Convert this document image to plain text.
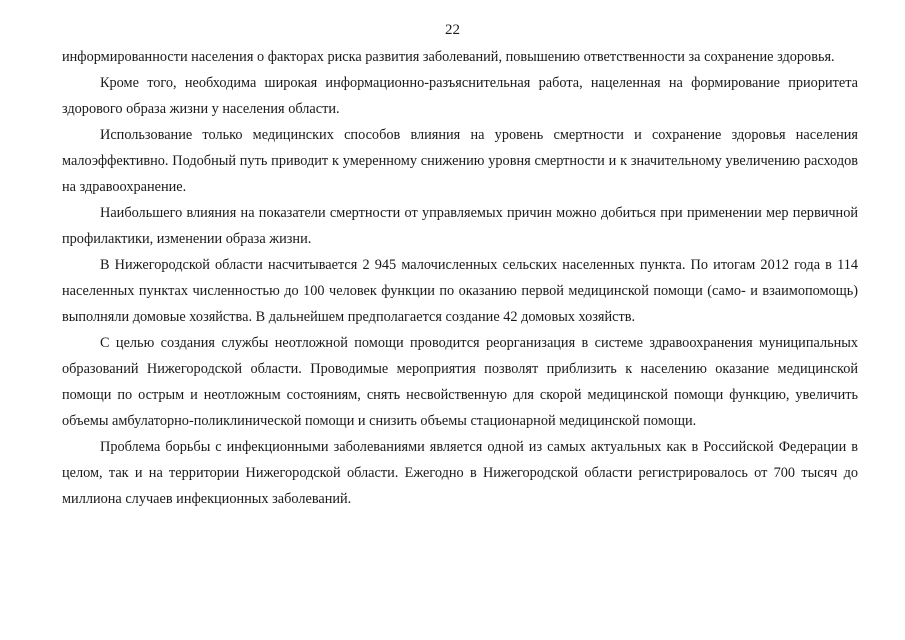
22

информированности населения о факторах риска развития заболеваний, повышению ответственности за сохранение здоровья.

Кроме того, необходима широкая информационно-разъяснительная работа, нацеленная на формирование приоритета здорового образа жизни у населения области.

Использование только медицинских способов влияния на уровень смертности и сохранение здоровья населения малоэффективно. Подобный путь приводит к умеренному снижению уровня смертности и к значительному увеличению расходов на здравоохранение.

Наибольшего влияния на показатели смертности от управляемых причин можно добиться при применении мер первичной профилактики, изменении образа жизни.

В Нижегородской области насчитывается 2 945 малочисленных сельских населенных пункта. По итогам 2012 года в 114 населенных пунктах численностью до 100 человек функции по оказанию первой медицинской помощи (само- и взаимопомощь) выполняли домовые хозяйства. В дальнейшем предполагается создание 42 домовых хозяйств.

С целью создания службы неотложной помощи проводится реорганизация в системе здравоохранения муниципальных образований Нижегородской области. Проводимые мероприятия позволят приблизить к населению оказание медицинской помощи по острым и неотложным состояниям, снять несвойственную для скорой медицинской помощи функцию, увеличить объемы амбулаторно-поликлинической помощи и снизить объемы стационарной медицинской помощи.

Проблема борьбы с инфекционными заболеваниями является одной из самых актуальных как в Российской Федерации в целом, так и на территории Нижегородской области. Ежегодно в Нижегородской области регистрировалось от 700 тысяч до миллиона случаев инфекционных заболеваний.
